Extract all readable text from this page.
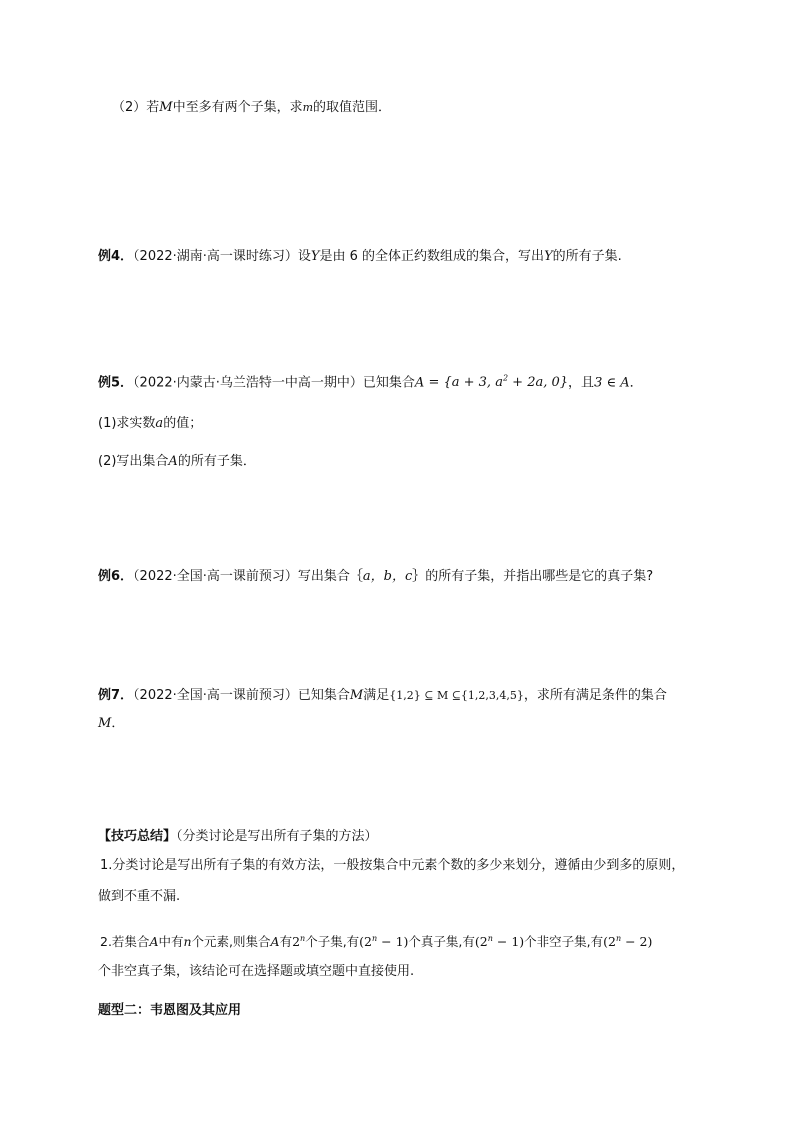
（2）若M中至多有两个子集，求m的取值范围．
例4．（2022·湖南·高一课时练习）设Y是由 6 的全体正约数组成的集合，写出Y的所有子集.
例5．（2022·内蒙古·乌兰浩特一中高一期中）已知集合A = {a + 3, $a^2 + 2a$, 0}，且3 ∈ A．
(1)求实数a的值；
(2)写出集合A的所有子集．
例6．（2022·全国·高一课前预习）写出集合｛a，b，c｝的所有子集，并指出哪些是它的真子集?
例7．（2022·全国·高一课前预习）已知集合M满足{1,2} ⊆ M ⊆{1,2,3,4,5}，求所有满足条件的集合
M．
【技巧总结】（分类讨论是写出所有子集的方法）
1.分类讨论是写出所有子集的有效方法，一般按集合中元素个数的多少来划分，遵循由少到多的原则，
做到不重不漏.
2.若集合A中有n个元素,则集合A有2$^n$个子集,有$(2^n - 1)$个真子集,有$(2^n - 1)$个非空子集,有$(2^n - 2)$
个非空真子集，该结论可在选择题或填空题中直接使用.
题型二：韦恩图及其应用
